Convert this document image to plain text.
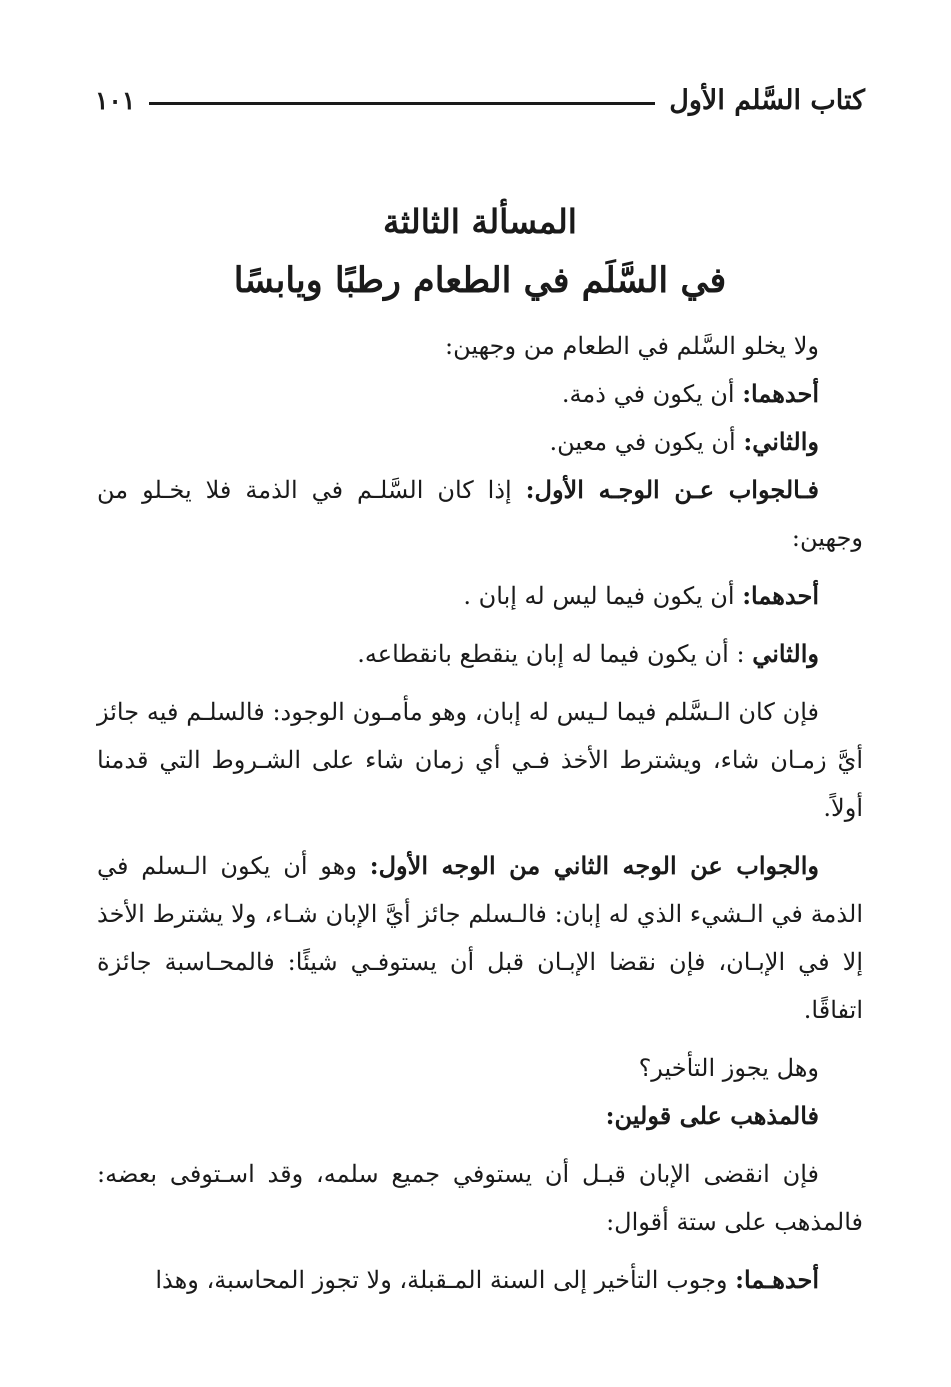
كتاب السَّلم الأول
١٠١
المسألة الثالثة
في السَّلَم في الطعام رطبًا ويابسًا

ولا يخلو السَّلم في الطعام من وجهين:

أحدهما: أن يكون في ذمة.

والثاني: أن يكون في معين.

فـالجواب عـن الوجـه الأول: إذا كان السَّلـم في الذمة فلا يخـلو من وجهين:

أحدهما: أن يكون فيما ليس له إبان .

والثاني : أن يكون فيما له إبان ينقطع بانقطاعه.

فإن كان الـسَّلم فيما لـيس له إبان، وهو مأمـون الوجود: فالسلـم فيه جائز أيَّ زمـان شاء، ويشترط الأخذ فـي أي زمان شاء على الشـروط التي قدمنا أولاً.

والجواب عن الوجه الثاني من الوجه الأول: وهو أن يكون الـسلم في الذمة في الـشيء الذي له إبان: فالـسلم جائز أيَّ الإبان شـاء، ولا يشترط الأخذ إلا في الإبـان، فإن نقضا الإبـان قبل أن يستوفـي شيئًا: فالمحـاسبة جائزة اتفاقًا.

وهل يجوز التأخير؟

فالمذهب على قولين:

فإن انقضى الإبان قبـل أن يستوفي جميع سلمه، وقد اسـتوفى بعضه: فالمذهب على ستة أقوال:

أحدهـما: وجوب التأخير إلى السنة المـقبلة، ولا تجوز المحاسبة، وهذا
